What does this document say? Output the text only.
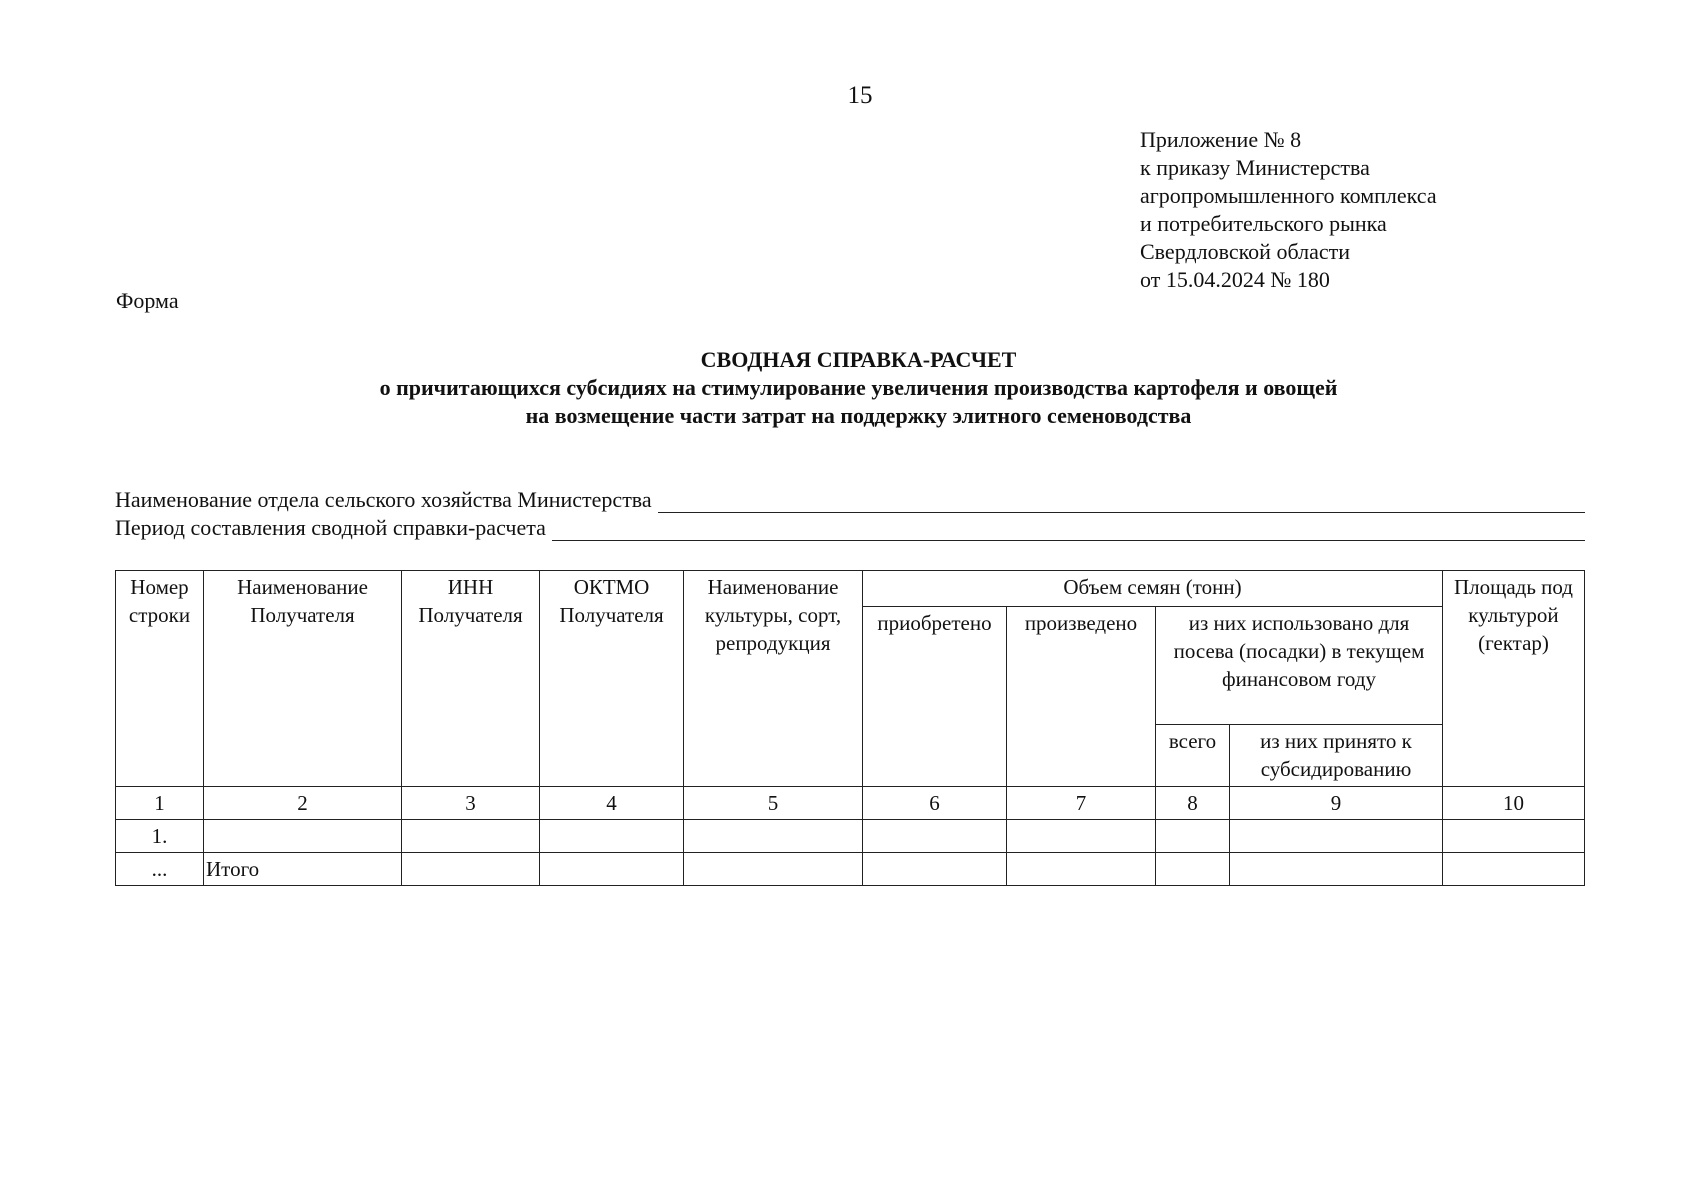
15
Приложение № 8
к приказу Министерства
агропромышленного комплекса
и потребительского рынка
Свердловской области
от 15.04.2024 № 180
Форма
СВОДНАЯ СПРАВКА-РАСЧЕТ
о причитающихся субсидиях на стимулирование увеличения производства картофеля и овощей
на возмещение части затрат на поддержку элитного семеноводства
Наименование отдела сельского хозяйства Министерства
Период составления сводной справки-расчета
Номер строки	Наименование Получателя	ИНН Получателя	ОКТМО Получателя	Наименование культуры, сорт, репродукция	Объем семян (тонн)				Площадь под культурой (гектар)
					приобретено	произведено	из них использовано для посева (посадки) в текущем финансовом году		
							всего	из них принято к субсидированию	
1	2	3	4	5	6	7	8	9	10
1.									
...	Итого								
